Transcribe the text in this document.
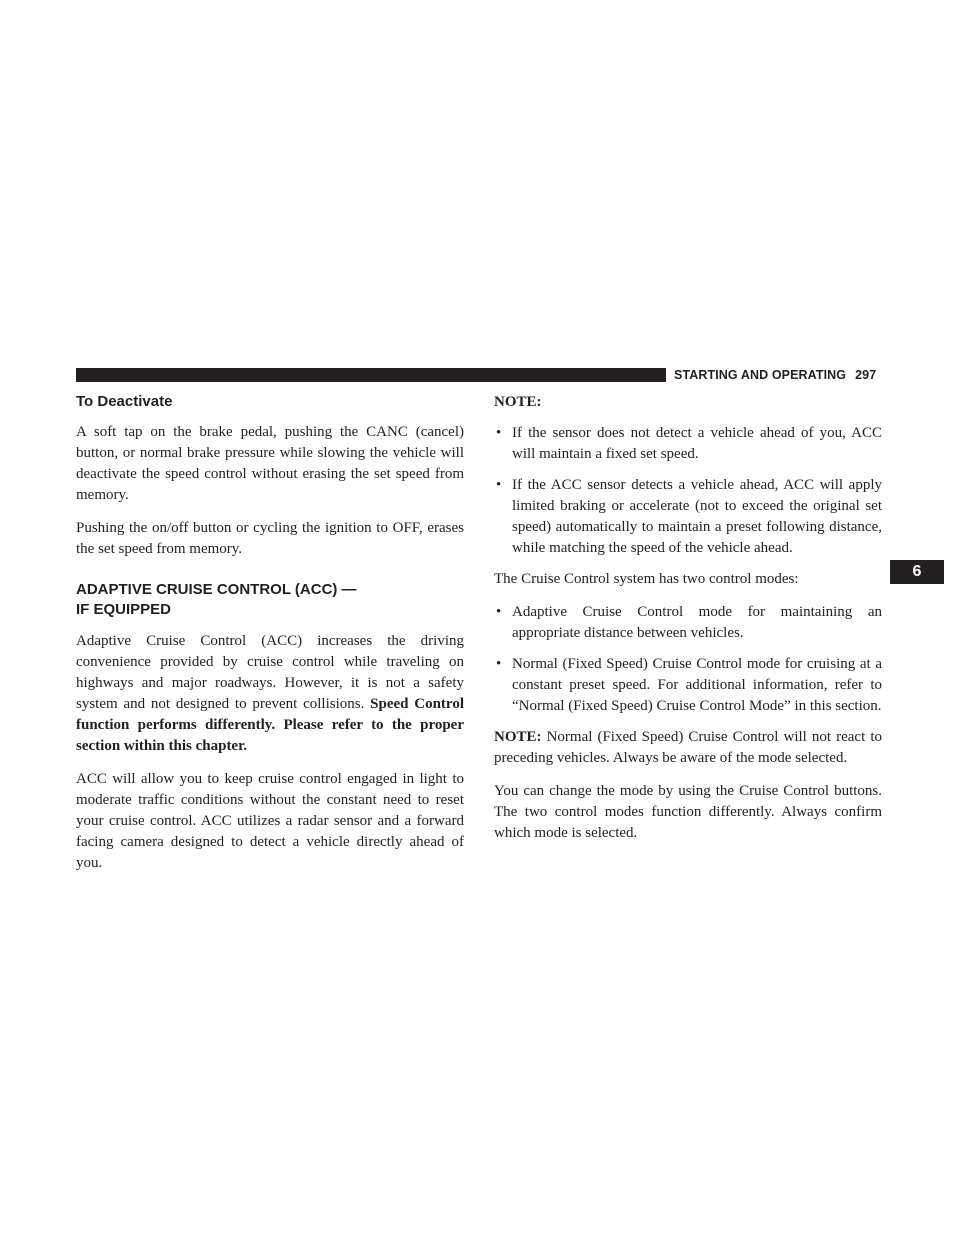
STARTING AND OPERATING 297
6
To Deactivate

A soft tap on the brake pedal, pushing the CANC (cancel) button, or normal brake pressure while slowing the vehicle will deactivate the speed control without erasing the set speed from memory.

Pushing the on/off button or cycling the ignition to OFF, erases the set speed from memory.

ADAPTIVE CRUISE CONTROL (ACC) —
IF EQUIPPED

Adaptive Cruise Control (ACC) increases the driving convenience provided by cruise control while traveling on highways and major roadways. However, it is not a safety system and not designed to prevent collisions. Speed Control function performs differently. Please refer to the proper section within this chapter.

ACC will allow you to keep cruise control engaged in light to moderate traffic conditions without the constant need to reset your cruise control. ACC utilizes a radar sensor and a forward facing camera designed to detect a vehicle directly ahead of you.

NOTE:
• If the sensor does not detect a vehicle ahead of you, ACC will maintain a fixed set speed.
• If the ACC sensor detects a vehicle ahead, ACC will apply limited braking or accelerate (not to exceed the original set speed) automatically to maintain a preset following distance, while matching the speed of the vehicle ahead.

The Cruise Control system has two control modes:

• Adaptive Cruise Control mode for maintaining an appropriate distance between vehicles.
• Normal (Fixed Speed) Cruise Control mode for cruising at a constant preset speed. For additional information, refer to “Normal (Fixed Speed) Cruise Control Mode” in this section.

NOTE: Normal (Fixed Speed) Cruise Control will not react to preceding vehicles. Always be aware of the mode selected.

You can change the mode by using the Cruise Control buttons. The two control modes function differently. Always confirm which mode is selected.
